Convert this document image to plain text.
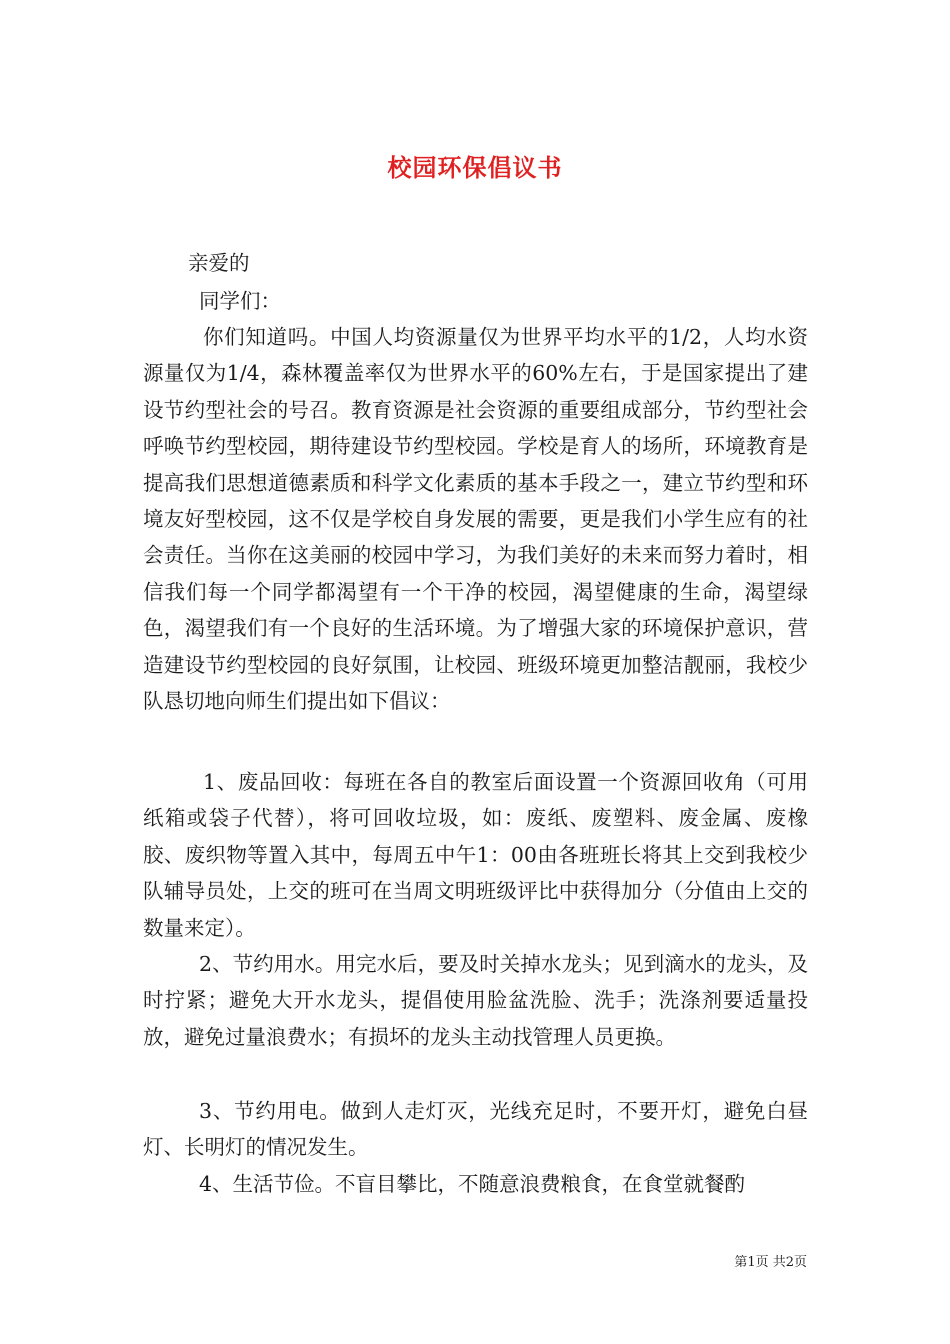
校园环保倡议书

亲爱的

同学们：

你们知道吗。中国人均资源量仅为世界平均水平的1/2，人均水资源量仅为1/4，森林覆盖率仅为世界水平的60%左右，于是国家提出了建设节约型社会的号召。教育资源是社会资源的重要组成部分，节约型社会呼唤节约型校园，期待建设节约型校园。学校是育人的场所，环境教育是提高我们思想道德素质和科学文化素质的基本手段之一，建立节约型和环境友好型校园，这不仅是学校自身发展的需要，更是我们小学生应有的社会责任。当你在这美丽的校园中学习，为我们美好的未来而努力着时，相信我们每一个同学都渴望有一个干净的校园，渴望健康的生命，渴望绿色，渴望我们有一个良好的生活环境。为了增强大家的环境保护意识，营造建设节约型校园的良好氛围，让校园、班级环境更加整洁靓丽，我校少队恳切地向师生们提出如下倡议：

1、废品回收：每班在各自的教室后面设置一个资源回收角（可用纸箱或袋子代替），将可回收垃圾，如：废纸、废塑料、废金属、废橡胶、废织物等置入其中，每周五中午1：00由各班班长将其上交到我校少队辅导员处，上交的班可在当周文明班级评比中获得加分（分值由上交的数量来定）。

2、节约用水。用完水后，要及时关掉水龙头；见到滴水的龙头，及时拧紧；避免大开水龙头，提倡使用脸盆洗脸、洗手；洗涤剂要适量投放，避免过量浪费水；有损坏的龙头主动找管理人员更换。

3、节约用电。做到人走灯灭，光线充足时，不要开灯，避免白昼灯、长明灯的情况发生。

4、生活节俭。不盲目攀比，不随意浪费粮食，在食堂就餐酌

第1页 共2页
